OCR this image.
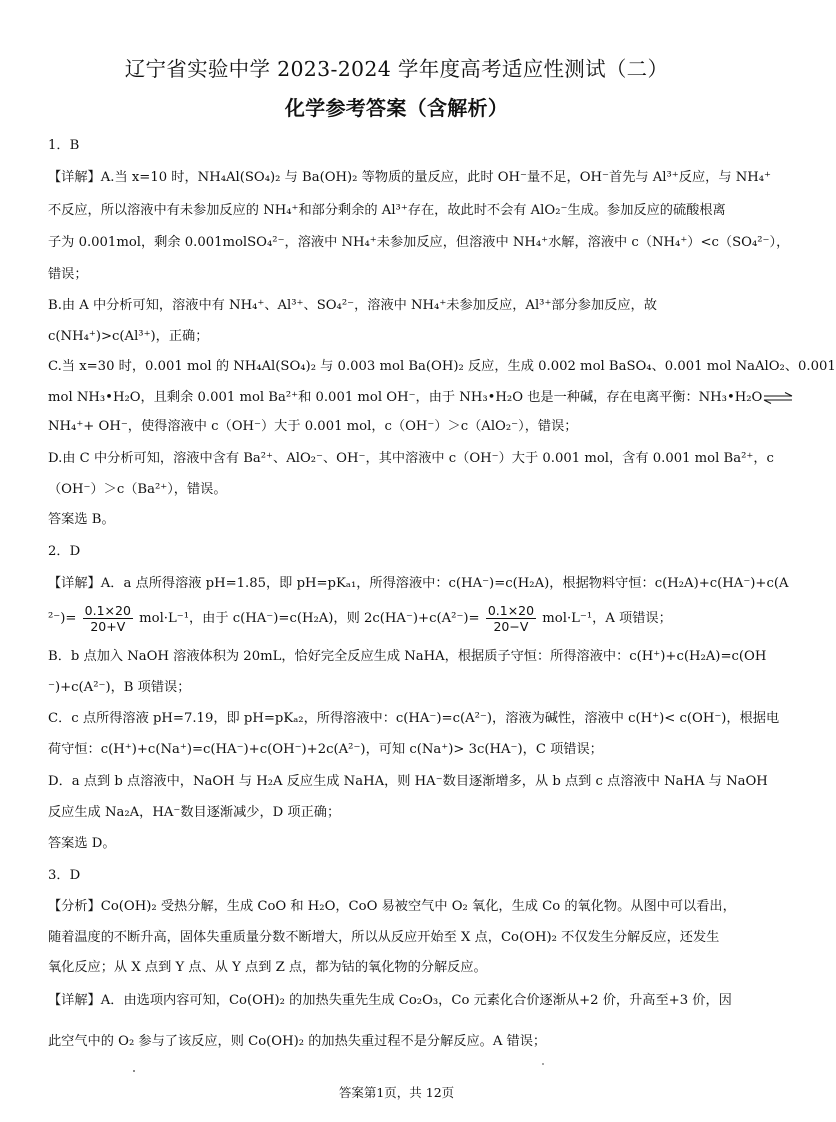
辽宁省实验中学 2023-2024 学年度高考适应性测试（二）
化学参考答案（含解析）
1．B
【详解】A.当 x=10 时，NH₄Al(SO₄)₂ 与 Ba(OH)₂ 等物质的量反应，此时 OH⁻量不足，OH⁻首先与 Al³⁺反应，与 NH₄⁺
不反应，所以溶液中有未参加反应的 NH₄⁺和部分剩余的 Al³⁺存在，故此时不会有 AlO₂⁻生成。参加反应的硫酸根离
子为 0.001mol，剩余 0.001molSO₄²⁻，溶液中 NH₄⁺未参加反应，但溶液中 NH₄⁺水解，溶液中 c（NH₄⁺）<c（SO₄²⁻），
错误；
B.由 A 中分析可知，溶液中有 NH₄⁺、Al³⁺、SO₄²⁻，溶液中 NH₄⁺未参加反应，Al³⁺部分参加反应，故
c(NH₄⁺)>c(Al³⁺)，正确；
C.当 x=30 时，0.001 mol 的 NH₄Al(SO₄)₂ 与 0.003 mol Ba(OH)₂ 反应，生成 0.002 mol BaSO₄、0.001 mol NaAlO₂、0.001
mol NH₃•H₂O，且剩余 0.001 mol Ba²⁺和 0.001 mol OH⁻，由于 NH₃•H₂O 也是一种碱，存在电离平衡：NH₃•H₂O⇌
NH₄⁺+ OH⁻，使得溶液中 c（OH⁻）大于 0.001 mol，c（OH⁻）＞c（AlO₂⁻），错误；
D.由 C 中分析可知，溶液中含有 Ba²⁺、AlO₂⁻、OH⁻，其中溶液中 c（OH⁻）大于 0.001 mol，含有 0.001 mol Ba²⁺，c
（OH⁻）＞c（Ba²⁺），错误。
答案选 B。
2．D
【详解】A．a 点所得溶液 pH=1.85，即 pH=pKₐ₁，所得溶液中：c(HA⁻)=c(H₂A)，根据物料守恒：c(H₂A)+c(HA⁻)+c(A
$^{2-})= \frac{0.1\times 20}{20+V} mol\cdot L^{-1}$，由于 c(HA⁻)=c(H₂A)，则 $2c(HA^-)+c(A^{2-})= \frac{0.1\times 20}{20-V} mol\cdot L^{-1}$，A 项错误；
B．b 点加入 NaOH 溶液体积为 20mL，恰好完全反应生成 NaHA，根据质子守恒：所得溶液中：c(H⁺)+c(H₂A)=c(OH
⁻)+c(A²⁻)，B 项错误；
C．c 点所得溶液 pH=7.19，即 pH=pKₐ₂，所得溶液中：c(HA⁻)=c(A²⁻)，溶液为碱性，溶液中 c(H⁺)< c(OH⁻)，根据电
荷守恒：c(H⁺)+c(Na⁺)=c(HA⁻)+c(OH⁻)+2c(A²⁻)，可知 c(Na⁺)> 3c(HA⁻)，C 项错误；
D．a 点到 b 点溶液中，NaOH 与 H₂A 反应生成 NaHA，则 HA⁻数目逐渐增多，从 b 点到 c 点溶液中 NaHA 与 NaOH
反应生成 Na₂A，HA⁻数目逐渐减少，D 项正确；
答案选 D。
3．D
【分析】Co(OH)₂ 受热分解，生成 CoO 和 H₂O，CoO 易被空气中 O₂ 氧化，生成 Co 的氧化物。从图中可以看出，
随着温度的不断升高，固体失重质量分数不断增大，所以从反应开始至 X 点，Co(OH)₂ 不仅发生分解反应，还发生
氧化反应；从 X 点到 Y 点、从 Y 点到 Z 点，都为钴的氧化物的分解反应。
【详解】A．由选项内容可知，Co(OH)₂ 的加热失重先生成 Co₂O₃，Co 元素化合价逐渐从+2 价，升高至+3 价，因
此空气中的 O₂ 参与了该反应，则 Co(OH)₂ 的加热失重过程不是分解反应。A 错误；
答案第1页，共 12页
